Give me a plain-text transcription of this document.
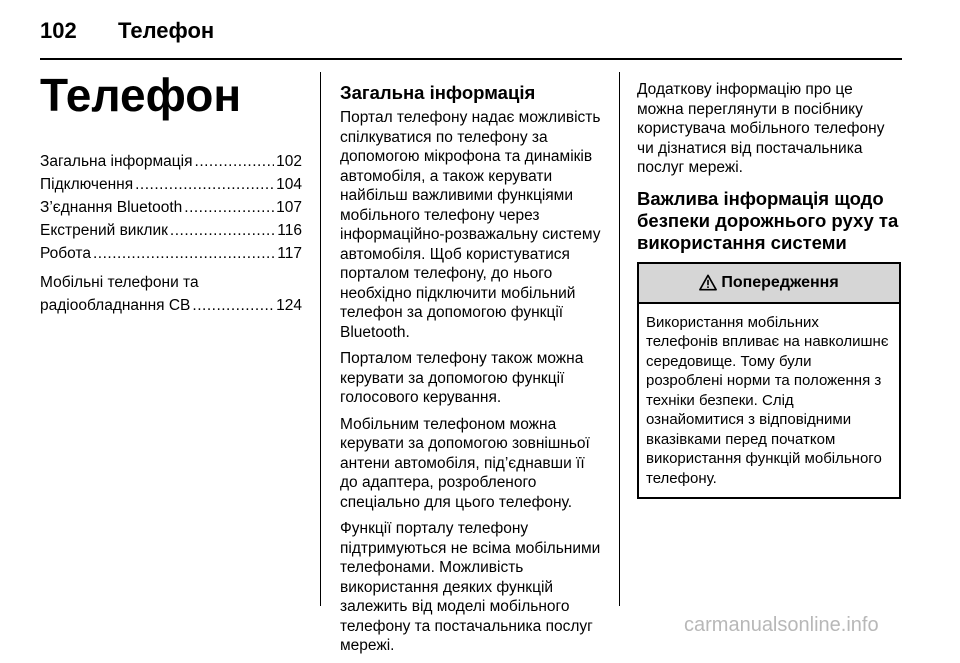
102 Телефон
Телефон
Загальна інформація .....	102
Підключення .....	104
З’єднання Bluetooth .....	107
Екстрений виклик .....	116
Робота .....	117
Мобільні телефони та
радіообладнання CB .....	124
Загальна інформація

Портал телефону надає можливість спілкуватися по телефону за допомогою мікрофона та динаміків автомобіля, а також керувати найбільш важливими функціями мобільного телефону через інформаційно-розважальну систему автомобіля. Щоб користуватися порталом телефону, до нього необхідно підключити мобільний телефон за допомогою функції Bluetooth.

Порталом телефону також можна керувати за допомогою функції голосового керування.

Мобільним телефоном можна керувати за допомогою зовнішньої антени автомобіля, під’єднавши її до адаптера, розробленого спеціально для цього телефону.

Функції порталу телефону підтримуються не всіма мобільними телефонами. Можливість використання деяких функцій залежить від моделі мобільного телефону та постачальника послуг мережі.

Додаткову інформацію про це можна переглянути в посібнику користувача мобільного телефону чи дізнатися від постачальника послуг мережі.

Важлива інформація щодо безпеки дорожнього руху та використання системи
Попередження
Використання мобільних телефонів впливає на навколишнє середовище. Тому були розроблені норми та положення з техніки безпеки. Слід ознайомитися з відповідними вказівками перед початком використання функцій мобільного телефону.
carmanualsonline.info
